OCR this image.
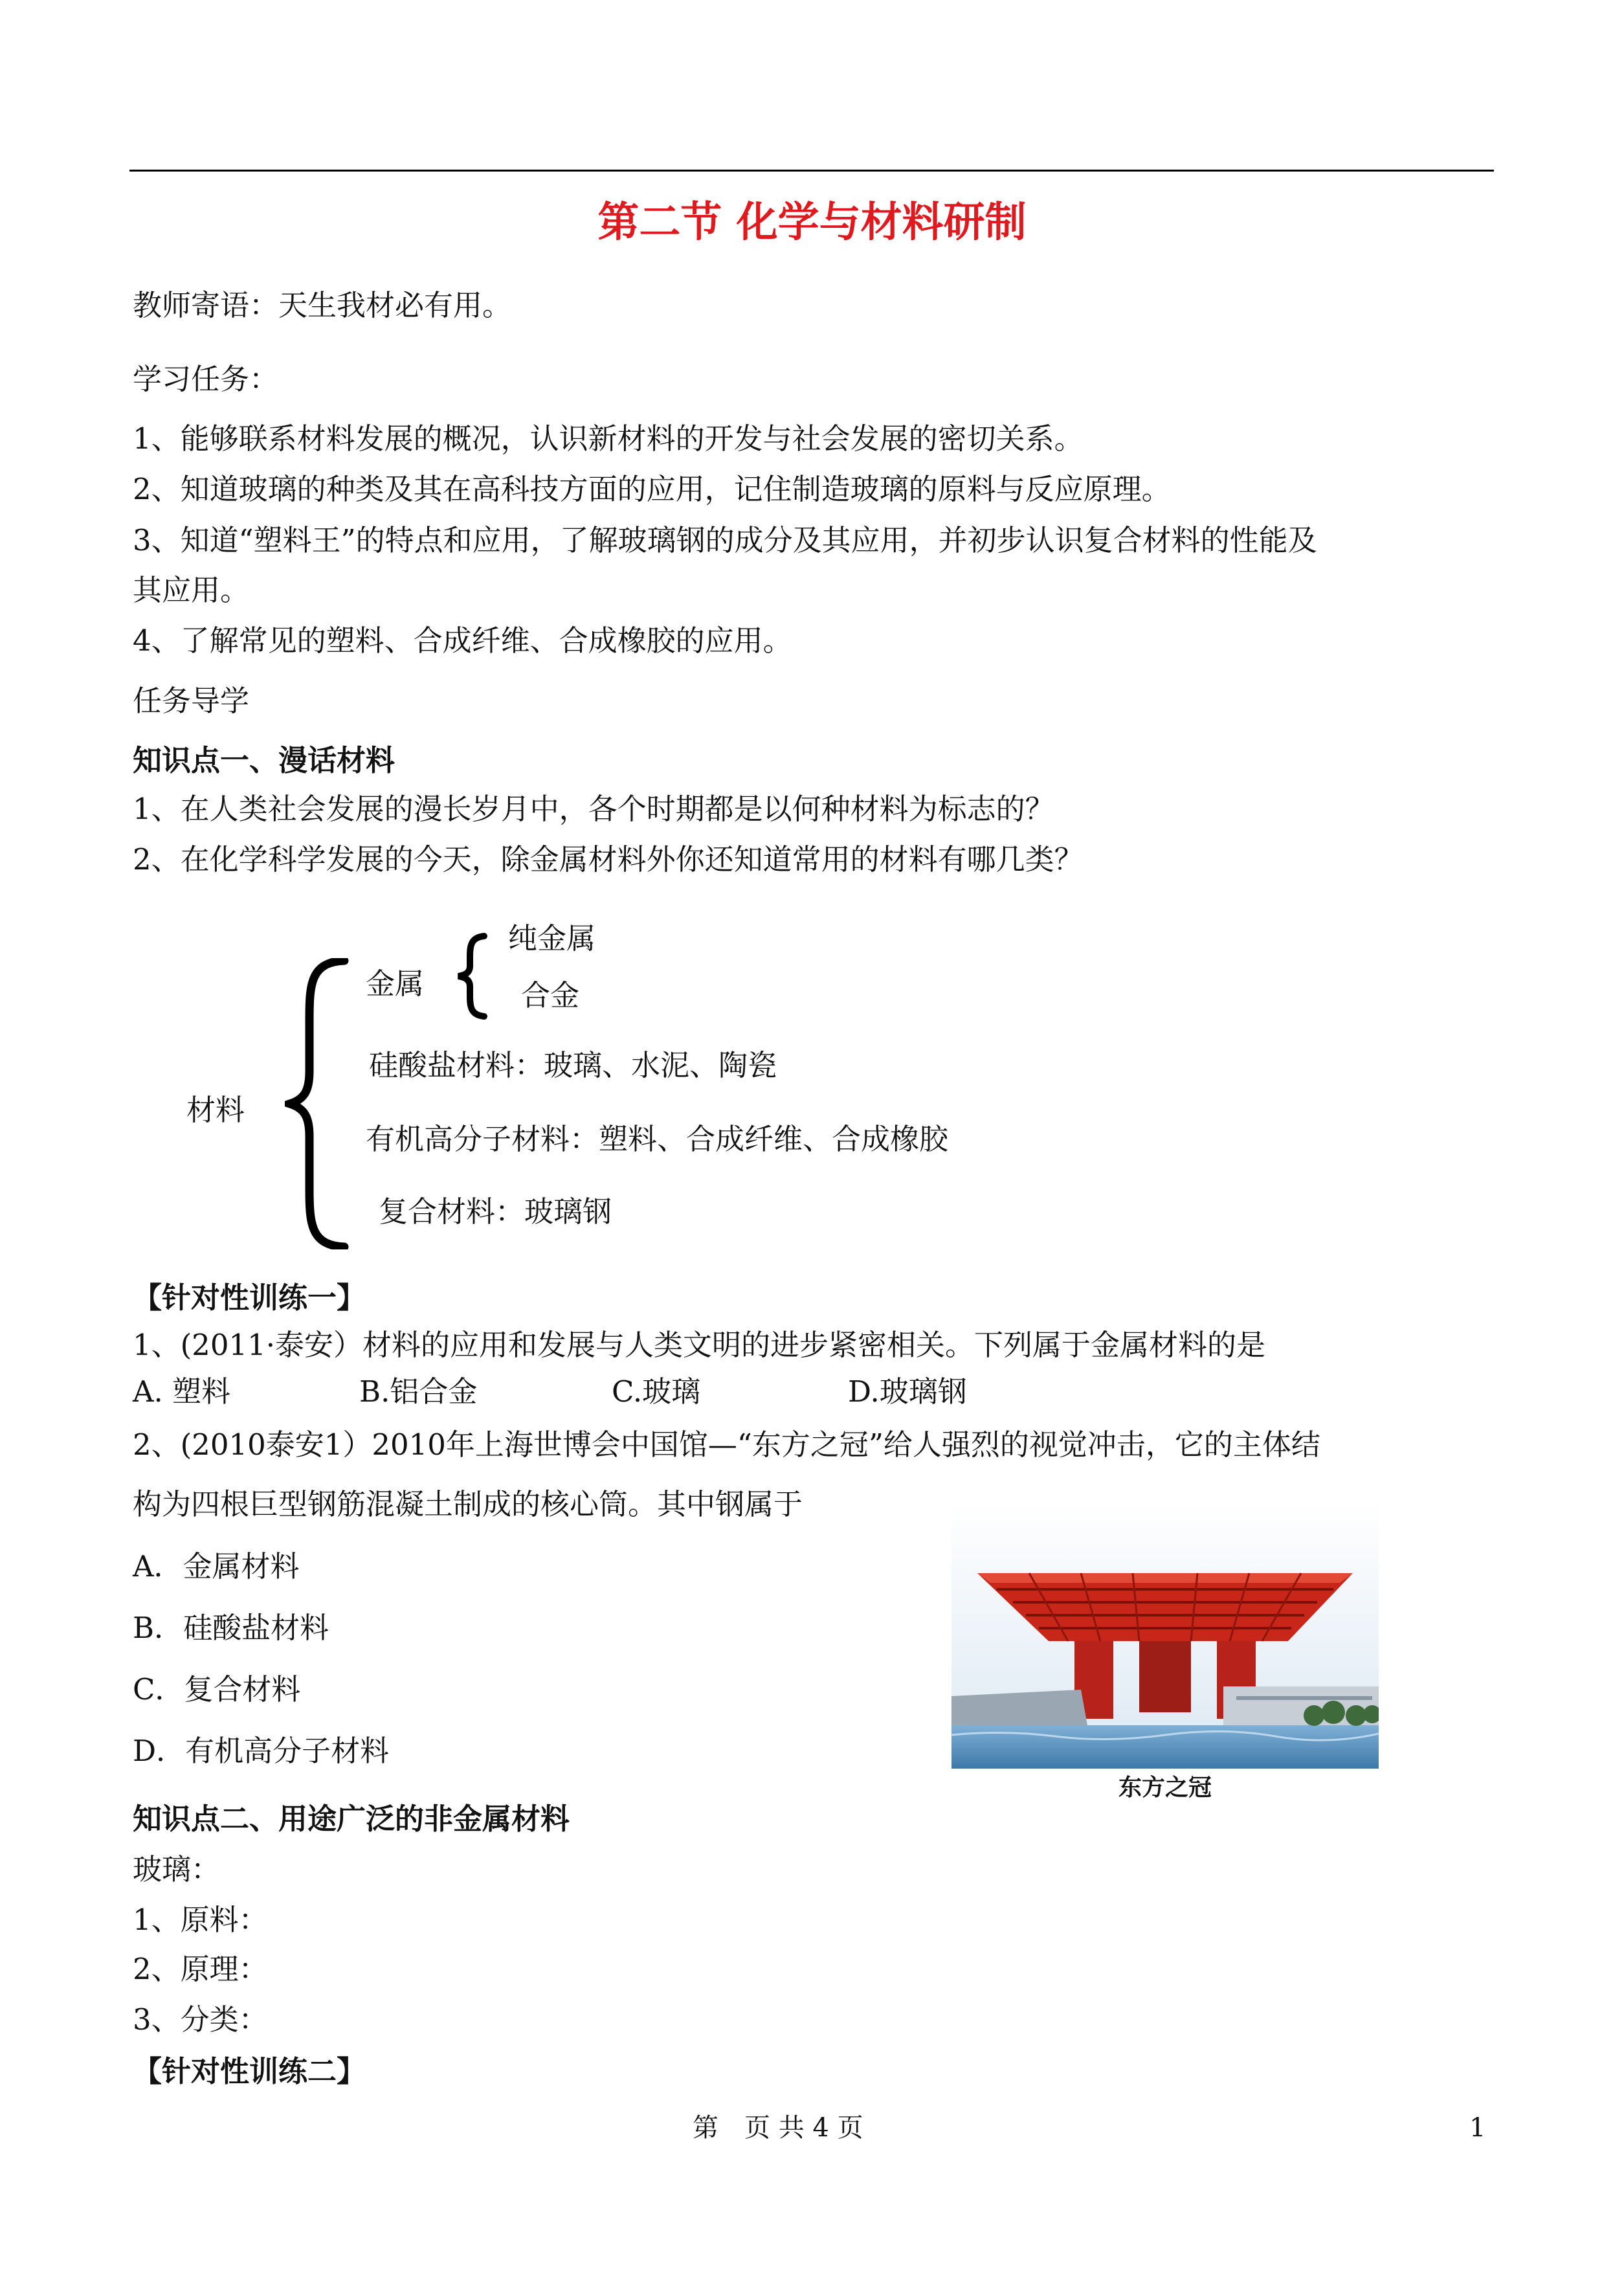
第二节 化学与材料研制
教师寄语：天生我材必有用。
学习任务：
1、能够联系材料发展的概况，认识新材料的开发与社会发展的密切关系。
2、知道玻璃的种类及其在高科技方面的应用，记住制造玻璃的原料与反应原理。
3、知道“塑料王”的特点和应用，了解玻璃钢的成分及其应用，并初步认识复合材料的性能及
其应用。
4、了解常见的塑料、合成纤维、合成橡胶的应用。
任务导学
知识点一、漫话材料
1、在人类社会发展的漫长岁月中，各个时期都是以何种材料为标志的？
2、在化学科学发展的今天，除金属材料外你还知道常用的材料有哪几类？
材料
金属
纯金属
合金
硅酸盐材料：玻璃、水泥、陶瓷
有机高分子材料：塑料、合成纤维、合成橡胶
复合材料：玻璃钢
【针对性训练一】
1、(2011·泰安）材料的应用和发展与人类文明的进步紧密相关。下列属于金属材料的是
A. 塑料	B.铝合金	C.玻璃	D.玻璃钢
2、(2010泰安1）2010年上海世博会中国馆—“东方之冠”给人强烈的视觉冲击，它的主体结
构为四根巨型钢筋混凝土制成的核心筒。其中钢属于
A．金属材料
B．硅酸盐材料
C．复合材料
D．有机高分子材料
东方之冠
知识点二、用途广泛的非金属材料
玻璃：
1、原料：
2、原理：
3、分类：
【针对性训练二】
第　页 共 4 页	1
